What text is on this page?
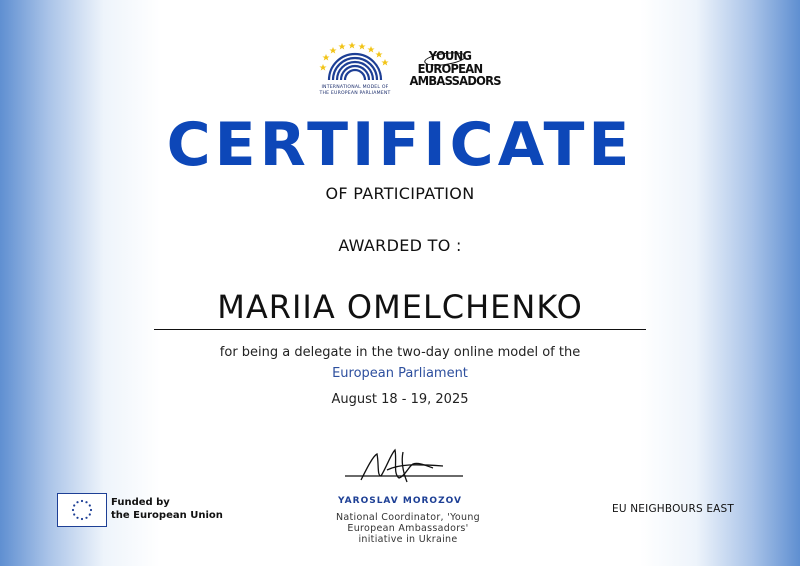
INTERNATIONAL MODEL OF
THE EUROPEAN PARLIAMENT
YOUNG
EUROPEAN
AMBASSADORS
CERTIFICATE
OF PARTICIPATION
AWARDED TO :
MARIIA OMELCHENKO
for being a delegate in the two-day online model of the
European Parliament
August 18 - 19, 2025
YAROSLAV MOROZOV
National Coordinator, 'Young
European Ambassadors'
initiative in Ukraine
Funded by
the European Union
EU NEIGHBOURS EAST
